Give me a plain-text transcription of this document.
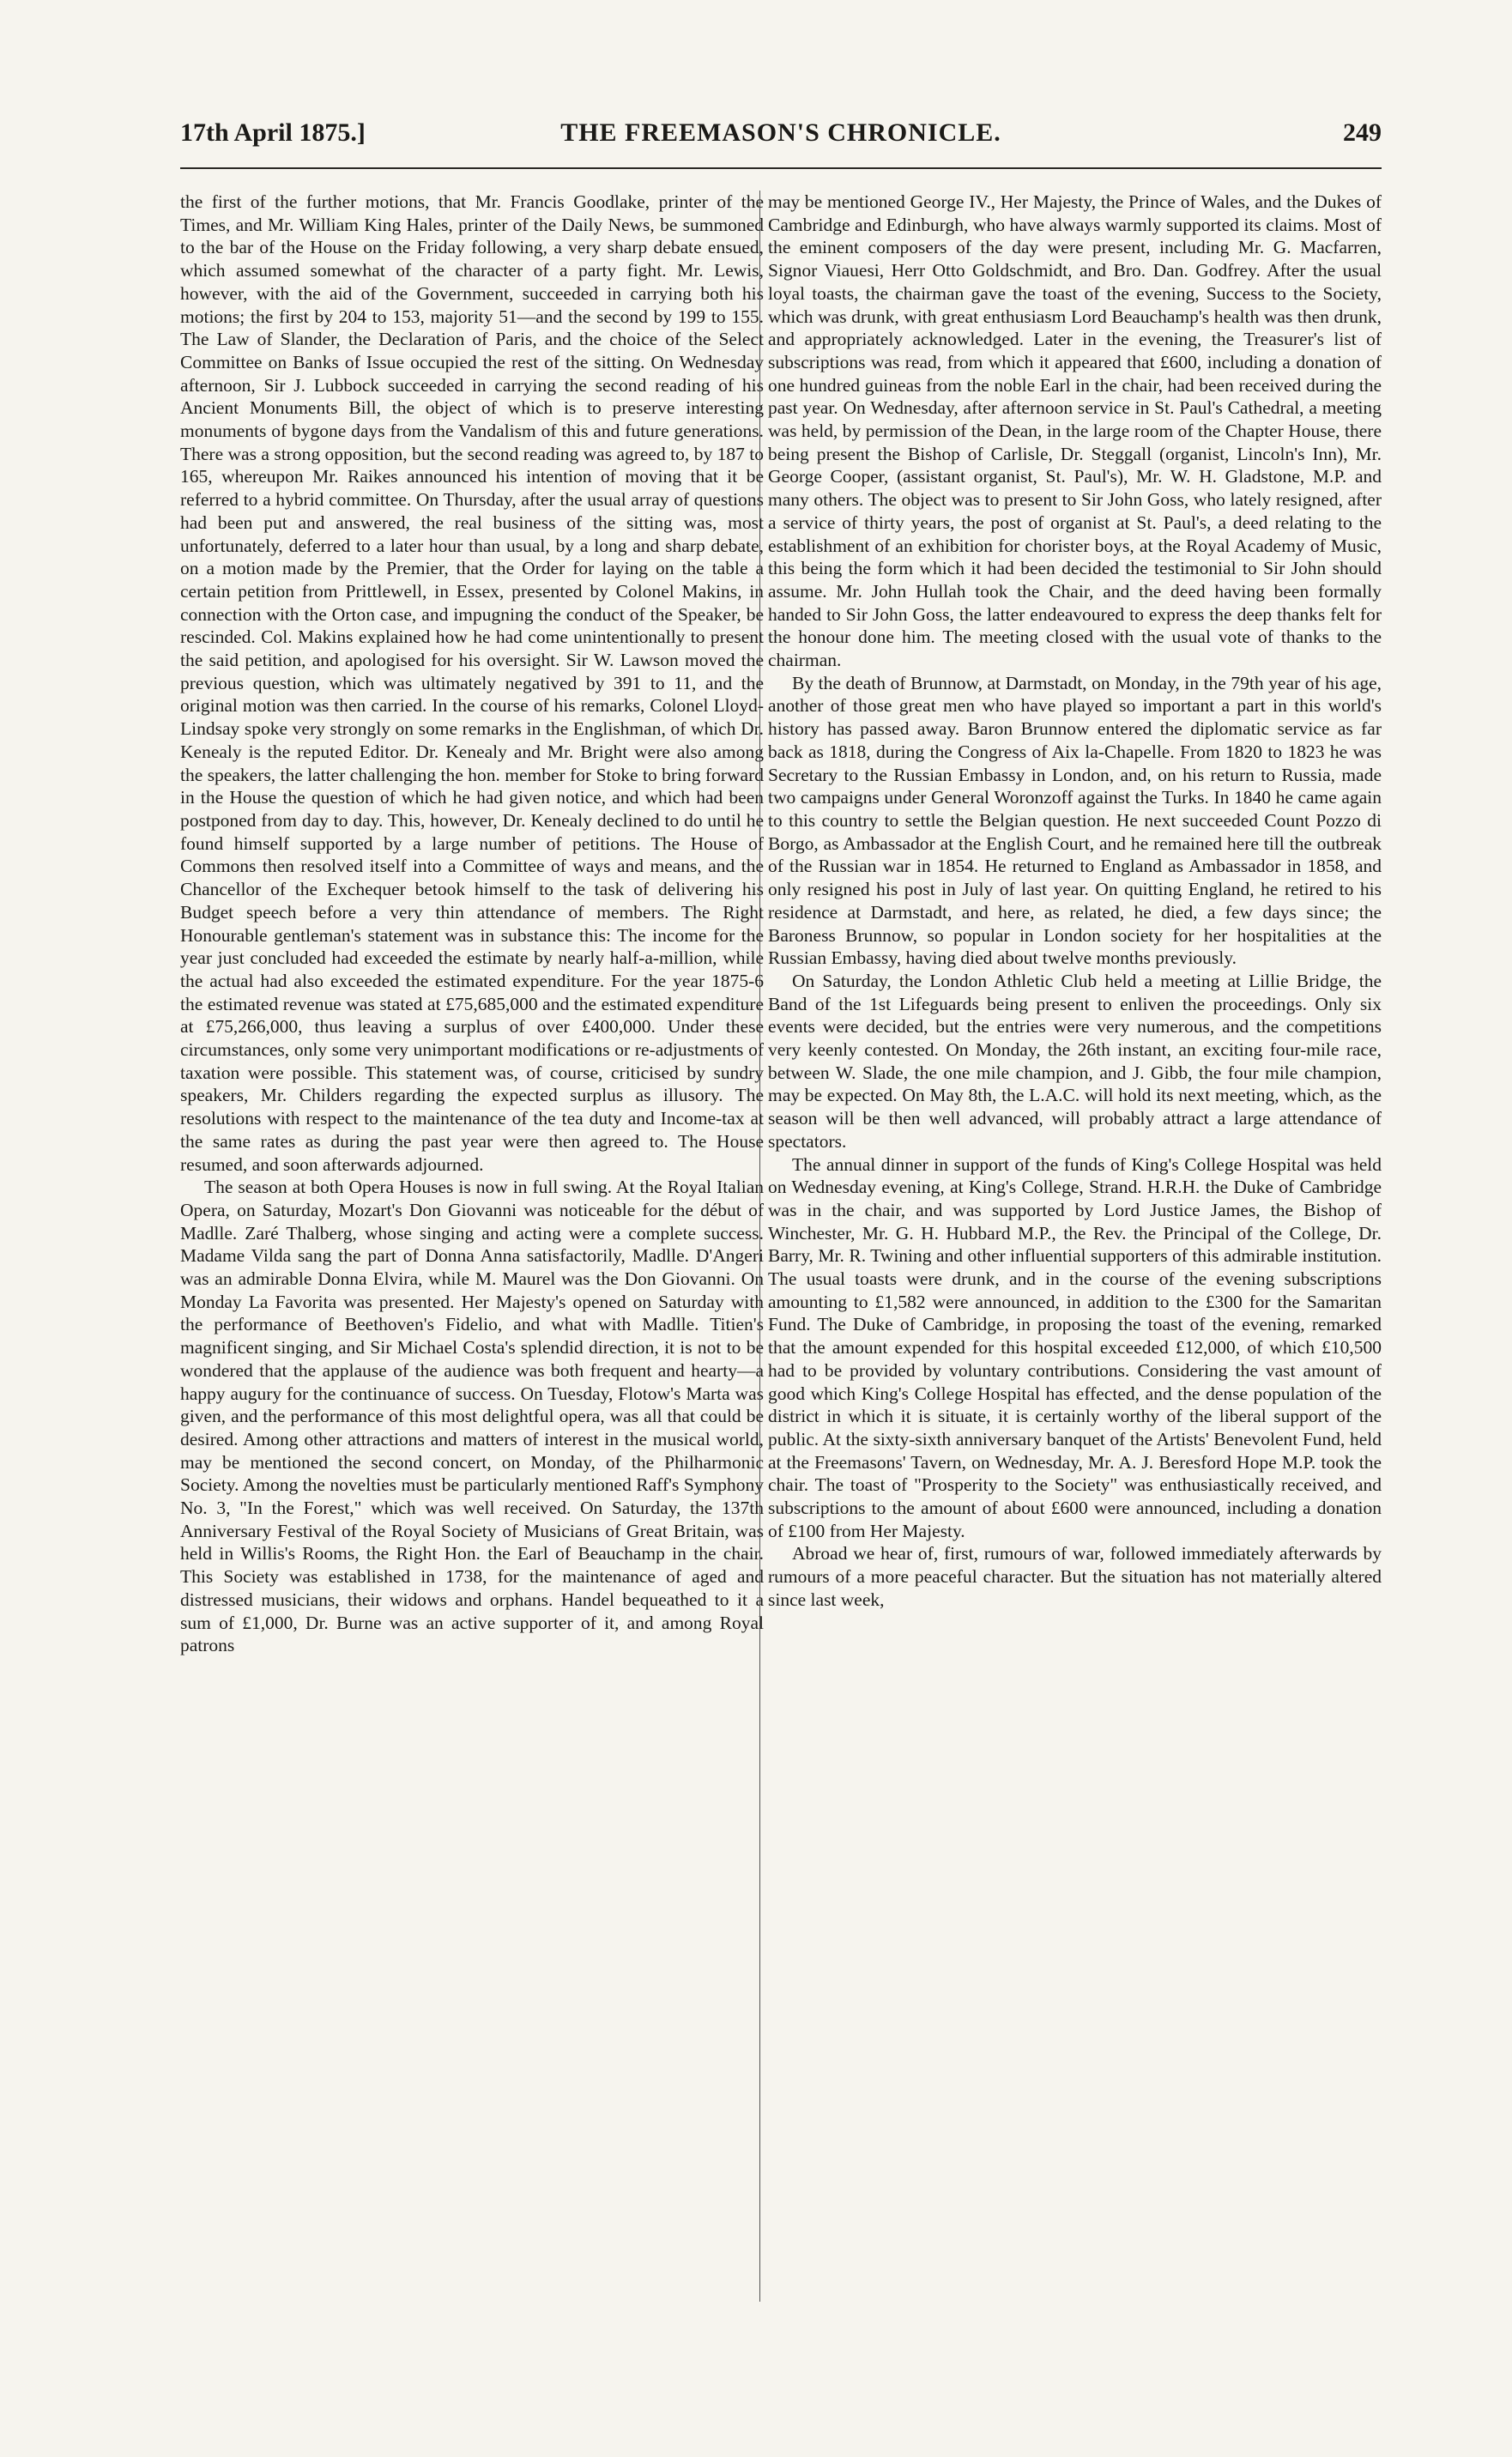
THE FREEMASON'S CHRONICLE.
17th April 1875.]	249

the first of the further motions, that Mr. Francis Goodlake, printer of the Times, and Mr. William King Hales, printer of the Daily News, be summoned to the bar of the House on the Friday following, a very sharp debate ensued, which assumed somewhat of the character of a party fight. Mr. Lewis, however, with the aid of the Government, succeeded in carrying both his motions; the first by 204 to 153, majority 51—and the second by 199 to 155. The Law of Slander, the Declaration of Paris, and the choice of the Select Committee on Banks of Issue occupied the rest of the sitting. On Wednesday afternoon, Sir J. Lubbock succeeded in carrying the second reading of his Ancient Monuments Bill, the object of which is to preserve interesting monuments of bygone days from the Vandalism of this and future generations. There was a strong opposition, but the second reading was agreed to, by 187 to 165, whereupon Mr. Raikes announced his intention of moving that it be referred to a hybrid committee. On Thursday, after the usual array of questions had been put and answered, the real business of the sitting was, most unfortunately, deferred to a later hour than usual, by a long and sharp debate, on a motion made by the Premier, that the Order for laying on the table a certain petition from Prittlewell, in Essex, presented by Colonel Makins, in connection with the Orton case, and impugning the conduct of the Speaker, be rescinded. Col. Makins explained how he had come unintentionally to present the said petition, and apologised for his oversight. Sir W. Lawson moved the previous question, which was ultimately negatived by 391 to 11, and the original motion was then carried. In the course of his remarks, Colonel Lloyd-Lindsay spoke very strongly on some remarks in the Englishman, of which Dr. Kenealy is the reputed Editor. Dr. Kenealy and Mr. Bright were also among the speakers, the latter challenging the hon. member for Stoke to bring forward in the House the question of which he had given notice, and which had been postponed from day to day. This, however, Dr. Kenealy declined to do until he found himself supported by a large number of petitions. The House of Commons then resolved itself into a Committee of ways and means, and the Chancellor of the Exchequer betook himself to the task of delivering his Budget speech before a very thin attendance of members. The Right Honourable gentleman's statement was in substance this: The income for the year just concluded had exceeded the estimate by nearly half-a-million, while the actual had also exceeded the estimated expenditure. For the year 1875-6 the estimated revenue was stated at £75,685,000 and the estimated expenditure at £75,266,000, thus leaving a surplus of over £400,000. Under these circumstances, only some very unimportant modifications or re-adjustments of taxation were possible. This statement was, of course, criticised by sundry speakers, Mr. Childers regarding the expected surplus as illusory. The resolutions with respect to the maintenance of the tea duty and Income-tax at the same rates as during the past year were then agreed to. The House resumed, and soon afterwards adjourned.

The season at both Opera Houses is now in full swing. At the Royal Italian Opera, on Saturday, Mozart's Don Giovanni was noticeable for the début of Madlle. Zaré Thalberg, whose singing and acting were a complete success. Madame Vilda sang the part of Donna Anna satisfactorily, Madlle. D'Angeri was an admirable Donna Elvira, while M. Maurel was the Don Giovanni. On Monday La Favorita was presented. Her Majesty's opened on Saturday with the performance of Beethoven's Fidelio, and what with Madlle. Titien's magnificent singing, and Sir Michael Costa's splendid direction, it is not to be wondered that the applause of the audience was both frequent and hearty—a happy augury for the continuance of success. On Tuesday, Flotow's Marta was given, and the performance of this most delightful opera, was all that could be desired. Among other attractions and matters of interest in the musical world, may be mentioned the second concert, on Monday, of the Philharmonic Society. Among the novelties must be particularly mentioned Raff's Symphony No. 3, "In the Forest," which was well received. On Saturday, the 137th Anniversary Festival of the Royal Society of Musicians of Great Britain, was held in Willis's Rooms, the Right Hon. the Earl of Beauchamp in the chair. This Society was established in 1738, for the maintenance of aged and distressed musicians, their widows and orphans. Handel bequeathed to it a sum of £1,000, Dr. Burne was an active supporter of it, and among Royal patrons

may be mentioned George IV., Her Majesty, the Prince of Wales, and the Dukes of Cambridge and Edinburgh, who have always warmly supported its claims. Most of the eminent composers of the day were present, including Mr. G. Macfarren, Signor Viauesi, Herr Otto Goldschmidt, and Bro. Dan. Godfrey. After the usual loyal toasts, the chairman gave the toast of the evening, Success to the Society, which was drunk, with great enthusiasm Lord Beauchamp's health was then drunk, and appropriately acknowledged. Later in the evening, the Treasurer's list of subscriptions was read, from which it appeared that £600, including a donation of one hundred guineas from the noble Earl in the chair, had been received during the past year. On Wednesday, after afternoon service in St. Paul's Cathedral, a meeting was held, by permission of the Dean, in the large room of the Chapter House, there being present the Bishop of Carlisle, Dr. Steggall (organist, Lincoln's Inn), Mr. George Cooper, (assistant organist, St. Paul's), Mr. W. H. Gladstone, M.P. and many others. The object was to present to Sir John Goss, who lately resigned, after a service of thirty years, the post of organist at St. Paul's, a deed relating to the establishment of an exhibition for chorister boys, at the Royal Academy of Music, this being the form which it had been decided the testimonial to Sir John should assume. Mr. John Hullah took the Chair, and the deed having been formally handed to Sir John Goss, the latter endeavoured to express the deep thanks felt for the honour done him. The meeting closed with the usual vote of thanks to the chairman.

By the death of Brunnow, at Darmstadt, on Monday, in the 79th year of his age, another of those great men who have played so important a part in this world's history has passed away. Baron Brunnow entered the diplomatic service as far back as 1818, during the Congress of Aix la-Chapelle. From 1820 to 1823 he was Secretary to the Russian Embassy in London, and, on his return to Russia, made two campaigns under General Woronzoff against the Turks. In 1840 he came again to this country to settle the Belgian question. He next succeeded Count Pozzo di Borgo, as Ambassador at the English Court, and he remained here till the outbreak of the Russian war in 1854. He returned to England as Ambassador in 1858, and only resigned his post in July of last year. On quitting England, he retired to his residence at Darmstadt, and here, as related, he died, a few days since; the Baroness Brunnow, so popular in London society for her hospitalities at the Russian Embassy, having died about twelve months previously.

On Saturday, the London Athletic Club held a meeting at Lillie Bridge, the Band of the 1st Lifeguards being present to enliven the proceedings. Only six events were decided, but the entries were very numerous, and the competitions very keenly contested. On Monday, the 26th instant, an exciting four-mile race, between W. Slade, the one mile champion, and J. Gibb, the four mile champion, may be expected. On May 8th, the L.A.C. will hold its next meeting, which, as the season will be then well advanced, will probably attract a large attendance of spectators.

The annual dinner in support of the funds of King's College Hospital was held on Wednesday evening, at King's College, Strand. H.R.H. the Duke of Cambridge was in the chair, and was supported by Lord Justice James, the Bishop of Winchester, Mr. G. H. Hubbard M.P., the Rev. the Principal of the College, Dr. Barry, Mr. R. Twining and other influential supporters of this admirable institution. The usual toasts were drunk, and in the course of the evening subscriptions amounting to £1,582 were announced, in addition to the £300 for the Samaritan Fund. The Duke of Cambridge, in proposing the toast of the evening, remarked that the amount expended for this hospital exceeded £12,000, of which £10,500 had to be provided by voluntary contributions. Considering the vast amount of good which King's College Hospital has effected, and the dense population of the district in which it is situate, it is certainly worthy of the liberal support of the public. At the sixty-sixth anniversary banquet of the Artists' Benevolent Fund, held at the Freemasons' Tavern, on Wednesday, Mr. A. J. Beresford Hope M.P. took the chair. The toast of "Prosperity to the Society" was enthusiastically received, and subscriptions to the amount of about £600 were announced, including a donation of £100 from Her Majesty.

Abroad we hear of, first, rumours of war, followed immediately afterwards by rumours of a more peaceful character. But the situation has not materially altered since last week,
